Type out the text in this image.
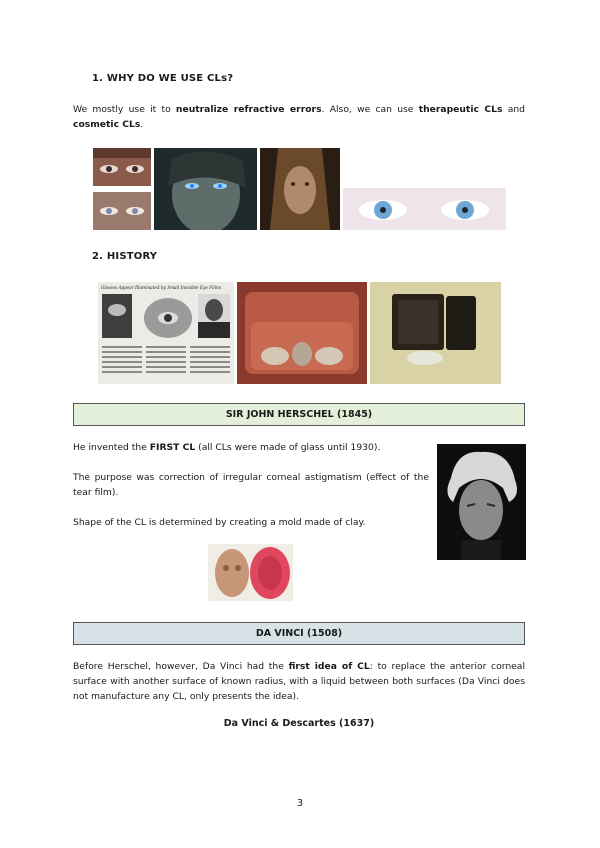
1. WHY DO WE USE CLs?
We mostly use it to neutralize refractive errors. Also, we can use therapeutic CLs and cosmetic CLs.
2. HISTORY
Glasses Appear Illuminated by Small Invisible Eye Films
SIR JOHN HERSCHEL (1845)
He invented the FIRST CL (all CLs were made of glass until 1930).
The purpose was correction of irregular corneal astigmatism (effect of the tear film).
Shape of the CL is determined by creating a mold made of clay.
DA VINCI (1508)
Before Herschel, however, Da Vinci had the first idea of CL: to replace the anterior corneal surface with another surface of known radius, with a liquid between both surfaces (Da Vinci does not manufacture any CL, only presents the idea).
Da Vinci & Descartes (1637)
3
